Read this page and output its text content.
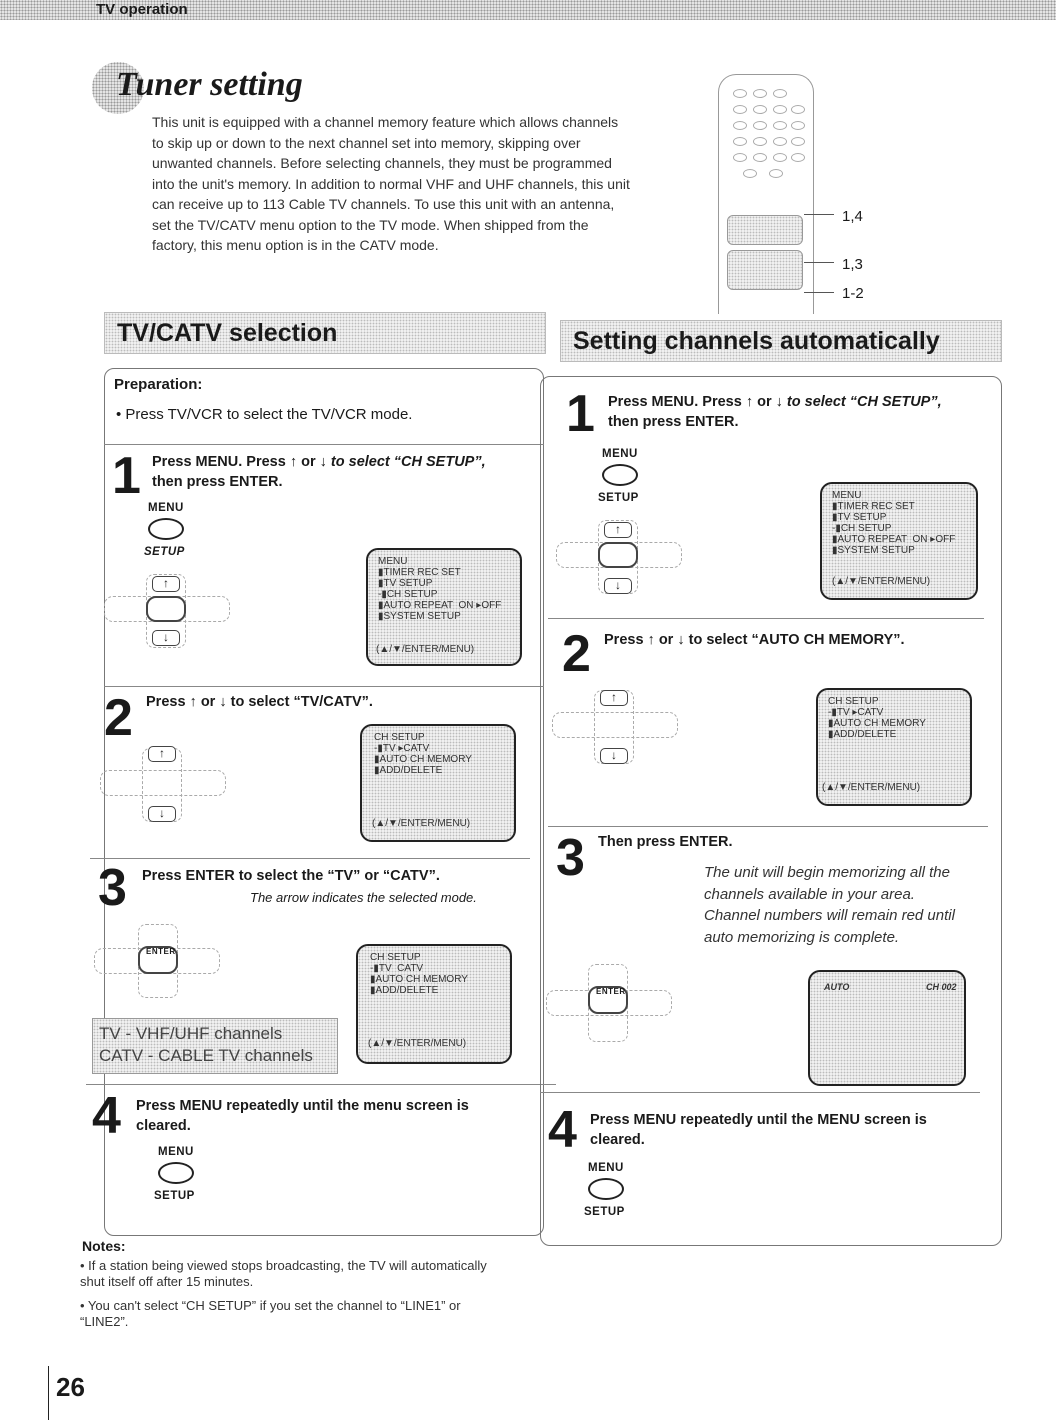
TV operation
Tuner setting
This unit is equipped with a channel memory feature which allows channels to skip up or down to the next channel set into memory, skipping over unwanted channels. Before selecting channels, they must be programmed into the unit's memory. In addition to normal VHF and UHF channels, this unit can receive up to 113 Cable TV channels. To use this unit with an antenna, set the TV/CATV menu option to the TV mode. When shipped from the factory, this menu option is in the CATV mode.
1,4
1,3
1-2
TV/CATV selection	Setting channels automatically
Preparation:
• Press TV/VCR to select the TV/VCR mode.
1 Press MENU. Press ↑ or ↓ to select “CH SETUP”,
then press ENTER.
MENU
SETUP
↑
↓
MENU
▮TIMER REC SET
▮TV SETUP
-▮CH SETUP
▮AUTO REPEAT  ON ▸OFF
▮SYSTEM SETUP
(▲/▼/ENTER/MENU)
2 Press ↑ or ↓ to select “TV/CATV”.
↑
↓
CH SETUP
-▮TV ▸CATV
▮AUTO CH MEMORY
▮ADD/DELETE
(▲/▼/ENTER/MENU)
3 Press ENTER to select the “TV” or “CATV”.
The arrow indicates the selected mode.
ENTER
CH SETUP
-▮TV  CATV
▮AUTO CH MEMORY
▮ADD/DELETE
(▲/▼/ENTER/MENU)
TV - VHF/UHF channels
CATV - CABLE TV channels
4 Press MENU repeatedly until the menu screen is cleared.
MENU
SETUP
1 Press MENU. Press ↑ or ↓ to select “CH SETUP”,
then press ENTER.
MENU
SETUP
↑
↓
MENU
▮TIMER REC SET
▮TV SETUP
-▮CH SETUP
▮AUTO REPEAT  ON ▸OFF
▮SYSTEM SETUP
(▲/▼/ENTER/MENU)
2 Press ↑ or ↓ to select “AUTO CH MEMORY”.
↑
↓
CH SETUP
-▮TV ▸CATV
▮AUTO CH MEMORY
▮ADD/DELETE
(▲/▼/ENTER/MENU)
3 Then press ENTER.
The unit will begin memorizing all the channels available in your area. Channel numbers will remain red until auto memorizing is complete.
ENTER	AUTO	CH 002
4 Press MENU repeatedly until the MENU screen is cleared.
MENU
SETUP
Notes:
• If a station being viewed stops broadcasting, the TV will automatically shut itself off after 15 minutes.
• You can't select “CH SETUP” if you set the channel to “LINE1” or “LINE2”.
26
